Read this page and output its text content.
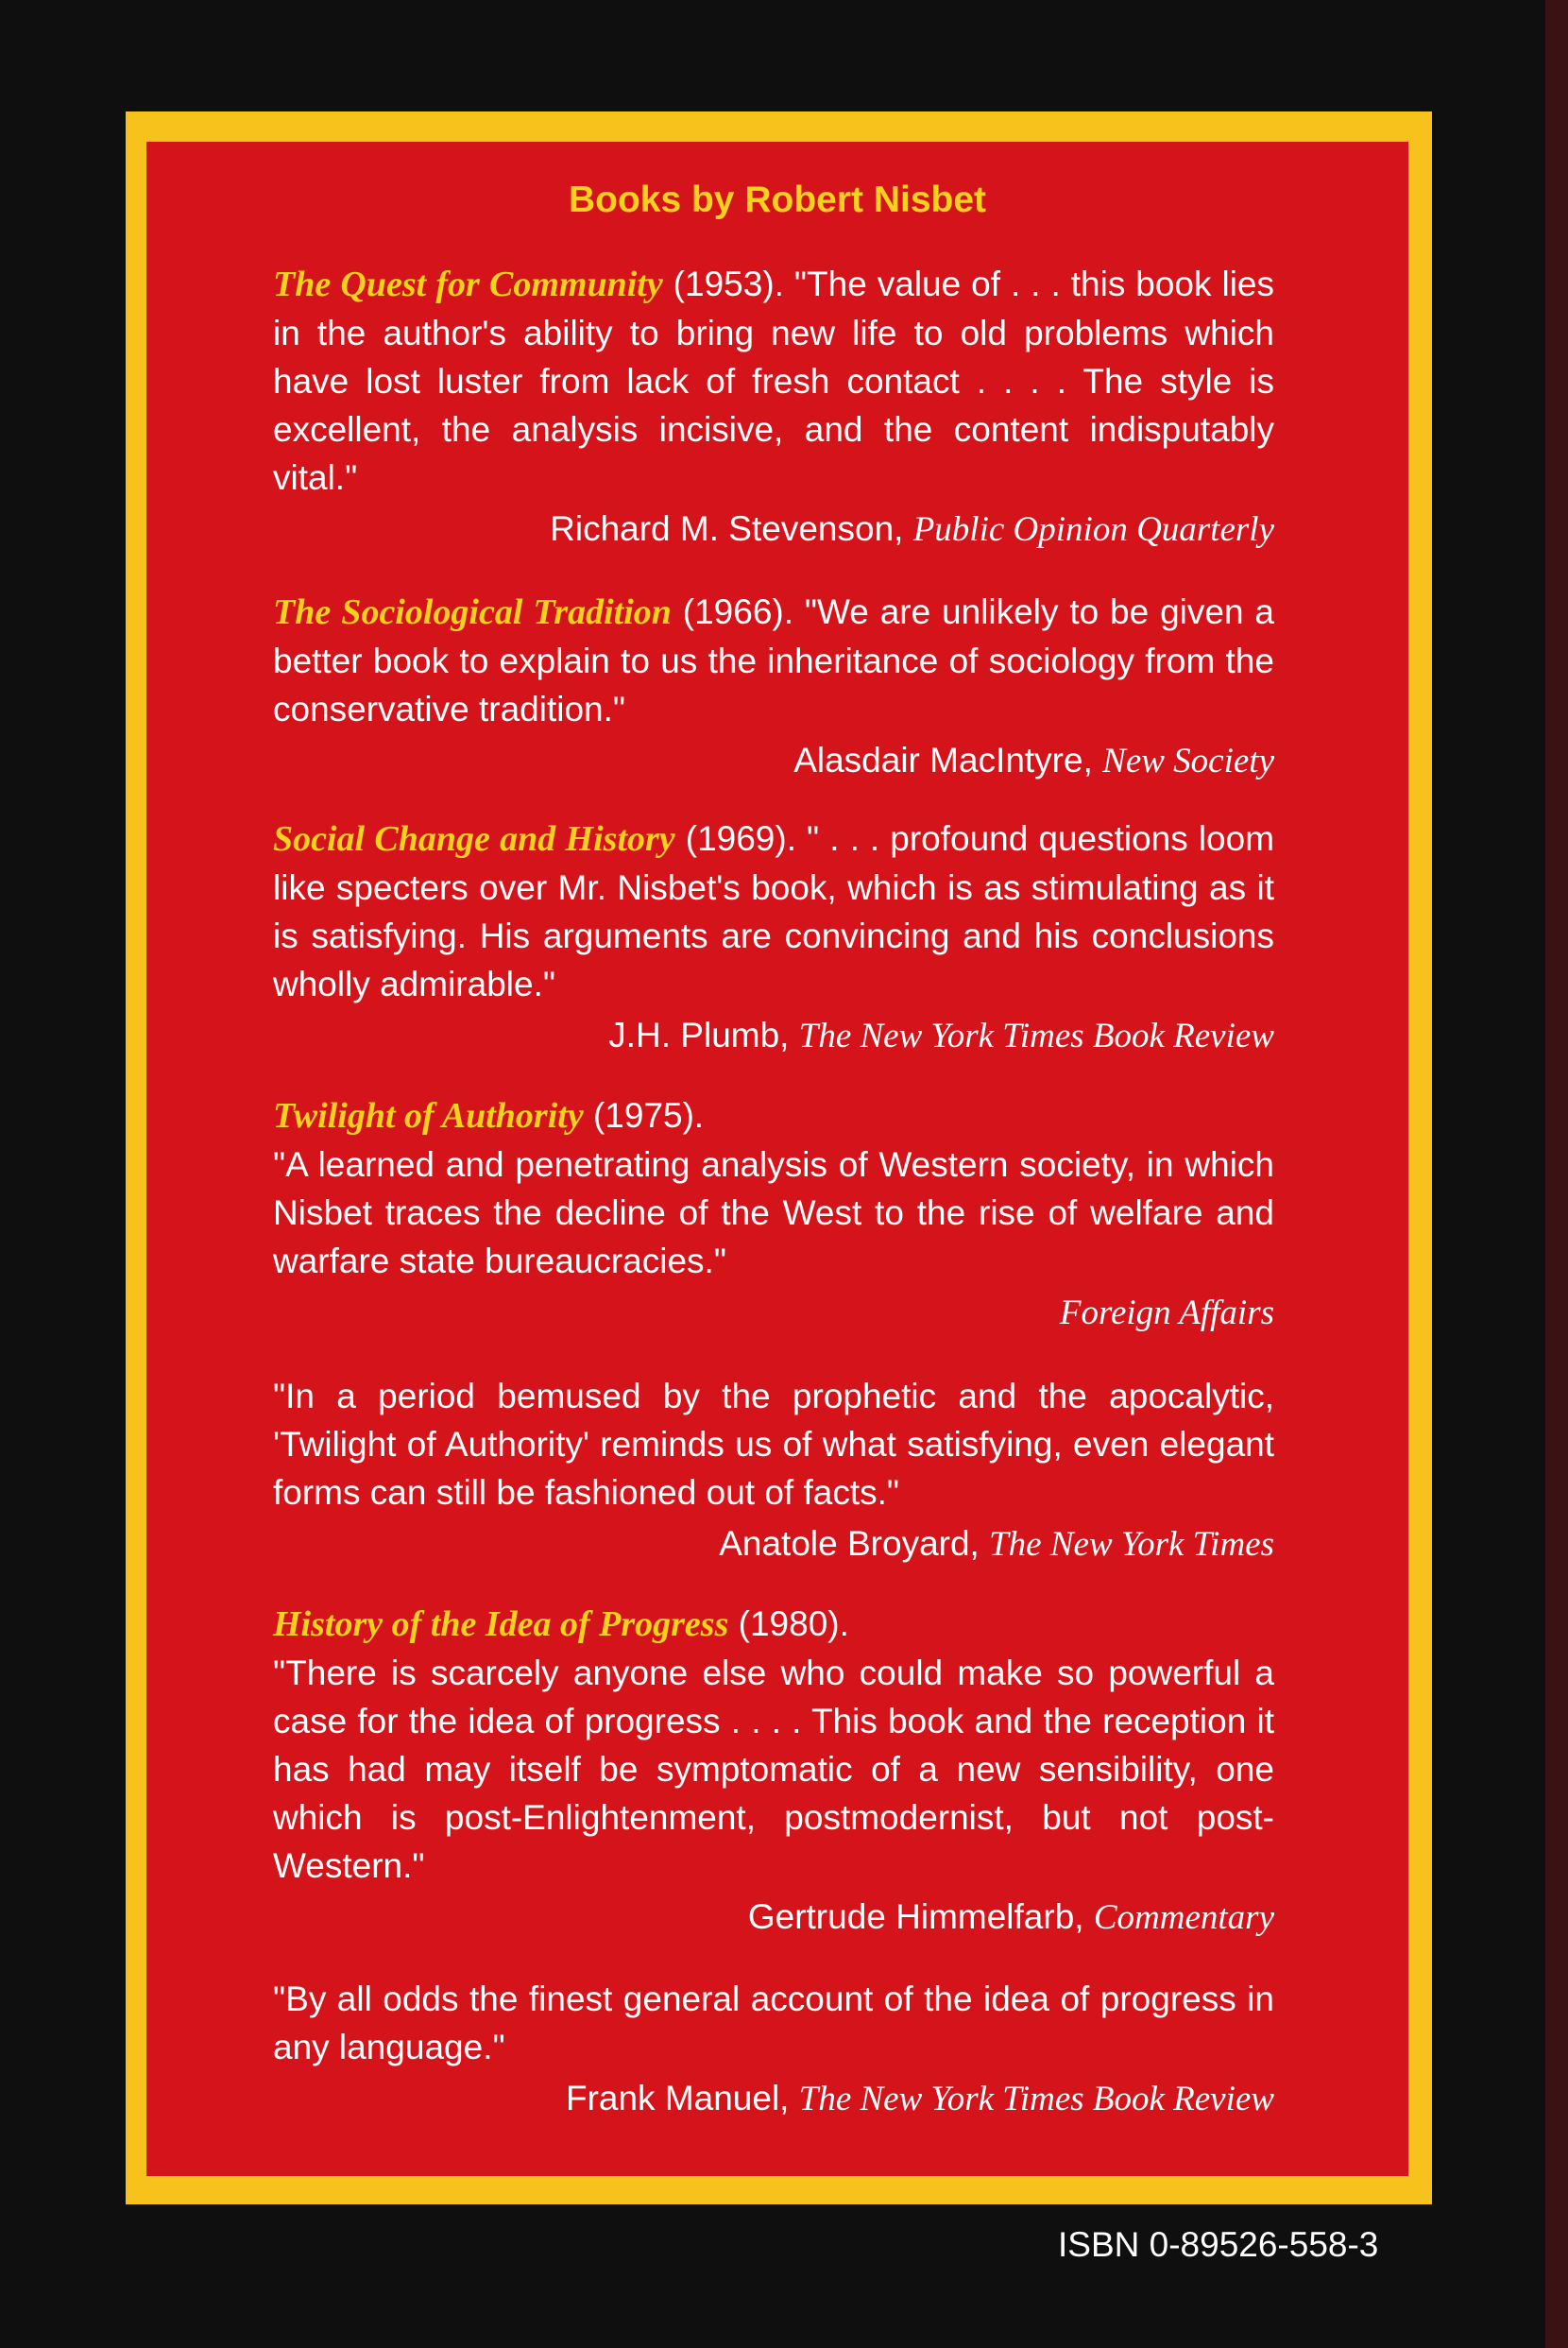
Books by Robert Nisbet

The Quest for Community (1953). "The value of . . . this book lies in the author's ability to bring new life to old problems which have lost luster from lack of fresh contact . . . . The style is excellent, the analysis incisive, and the content indisputably vital."

Richard M. Stevenson, Public Opinion Quarterly

The Sociological Tradition (1966). "We are unlikely to be given a better book to explain to us the inheritance of sociology from the conservative tradition."

Alasdair MacIntyre, New Society

Social Change and History (1969). " . . . profound questions loom like specters over Mr. Nisbet's book, which is as stimulating as it is satisfying. His arguments are convincing and his conclusions wholly admirable."

J.H. Plumb, The New York Times Book Review

Twilight of Authority (1975).
"A learned and penetrating analysis of Western society, in which Nisbet traces the decline of the West to the rise of welfare and warfare state bureaucracies."

Foreign Affairs

"In a period bemused by the prophetic and the apocalytic, 'Twilight of Authority' reminds us of what satisfying, even elegant forms can still be fashioned out of facts."

Anatole Broyard, The New York Times

History of the Idea of Progress (1980).
"There is scarcely anyone else who could make so powerful a case for the idea of progress . . . . This book and the reception it has had may itself be symptomatic of a new sensibility, one which is post-Enlightenment, postmodernist, but not post-Western."

Gertrude Himmelfarb, Commentary

"By all odds the finest general account of the idea of progress in any language."

Frank Manuel, The New York Times Book Review
ISBN 0-89526-558-3
